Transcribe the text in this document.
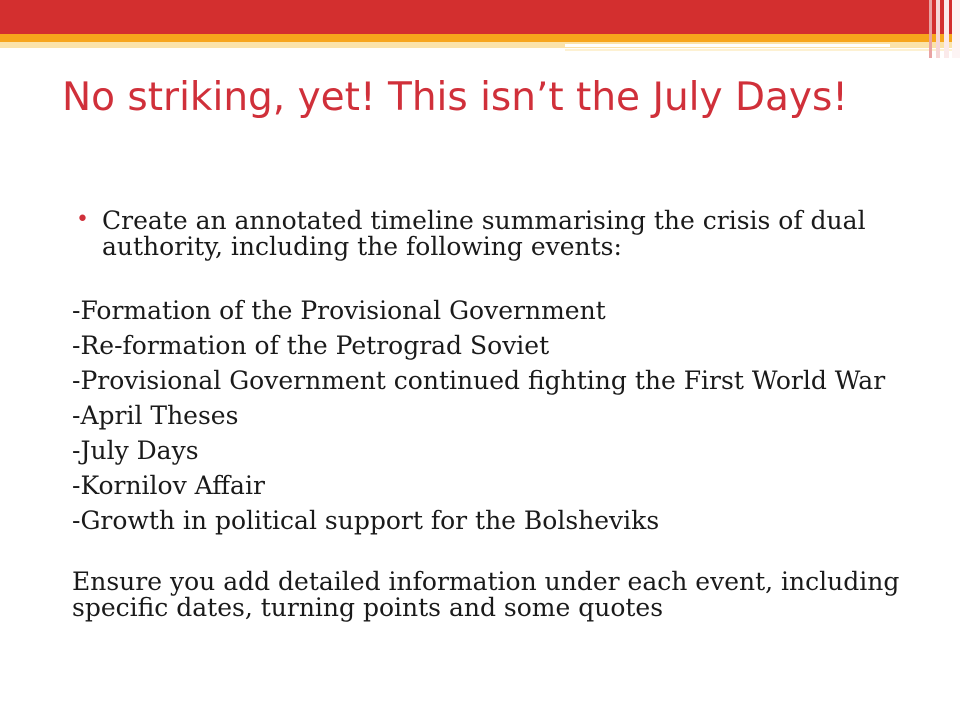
No striking, yet! This isn’t the July Days!
• Create an annotated timeline summarising the crisis of dual authority, including the following events:
-Formation of the Provisional Government
-Re-formation of the Petrograd Soviet
-Provisional Government continued fighting the First World War
-April Theses
-July Days
-Kornilov Affair
-Growth in political support for the Bolsheviks
Ensure you add detailed information under each event, including specific dates, turning points and some quotes
